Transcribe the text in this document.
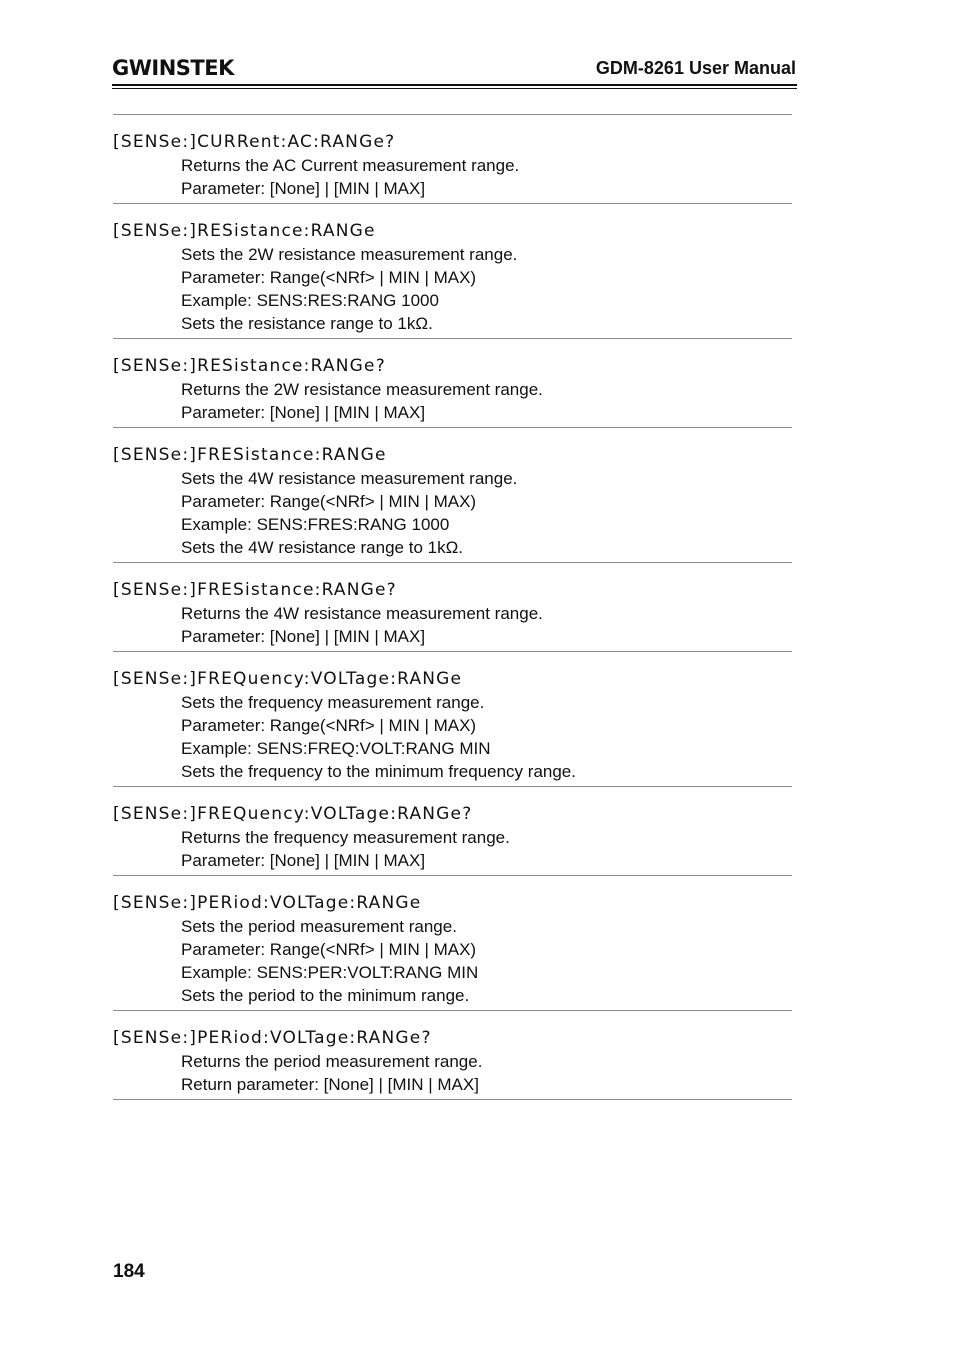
GWINSTEK	GDM-8261 User Manual
[SENSe:]CURRent:AC:RANGe?
Returns the AC Current measurement range.
Parameter: [None] | [MIN | MAX]
[SENSe:]RESistance:RANGe
Sets the 2W resistance measurement range.
Parameter: Range(<NRf> | MIN | MAX)
Example: SENS:RES:RANG 1000
Sets the resistance range to 1kΩ.
[SENSe:]RESistance:RANGe?
Returns the 2W resistance measurement range.
Parameter: [None] | [MIN | MAX]
[SENSe:]FRESistance:RANGe
Sets the 4W resistance measurement range.
Parameter: Range(<NRf> | MIN | MAX)
Example: SENS:FRES:RANG 1000
Sets the 4W resistance range to 1kΩ.
[SENSe:]FRESistance:RANGe?
Returns the 4W resistance measurement range.
Parameter: [None] | [MIN | MAX]
[SENSe:]FREQuency:VOLTage:RANGe
Sets the frequency measurement range.
Parameter: Range(<NRf> | MIN | MAX)
Example: SENS:FREQ:VOLT:RANG MIN
Sets the frequency to the minimum frequency range.
[SENSe:]FREQuency:VOLTage:RANGe?
Returns the frequency measurement range.
Parameter: [None] | [MIN | MAX]
[SENSe:]PERiod:VOLTage:RANGe
Sets the period measurement range.
Parameter: Range(<NRf> | MIN | MAX)
Example: SENS:PER:VOLT:RANG MIN
Sets the period to the minimum range.
[SENSe:]PERiod:VOLTage:RANGe?
Returns the period measurement range.
Return parameter: [None] | [MIN | MAX]
184
